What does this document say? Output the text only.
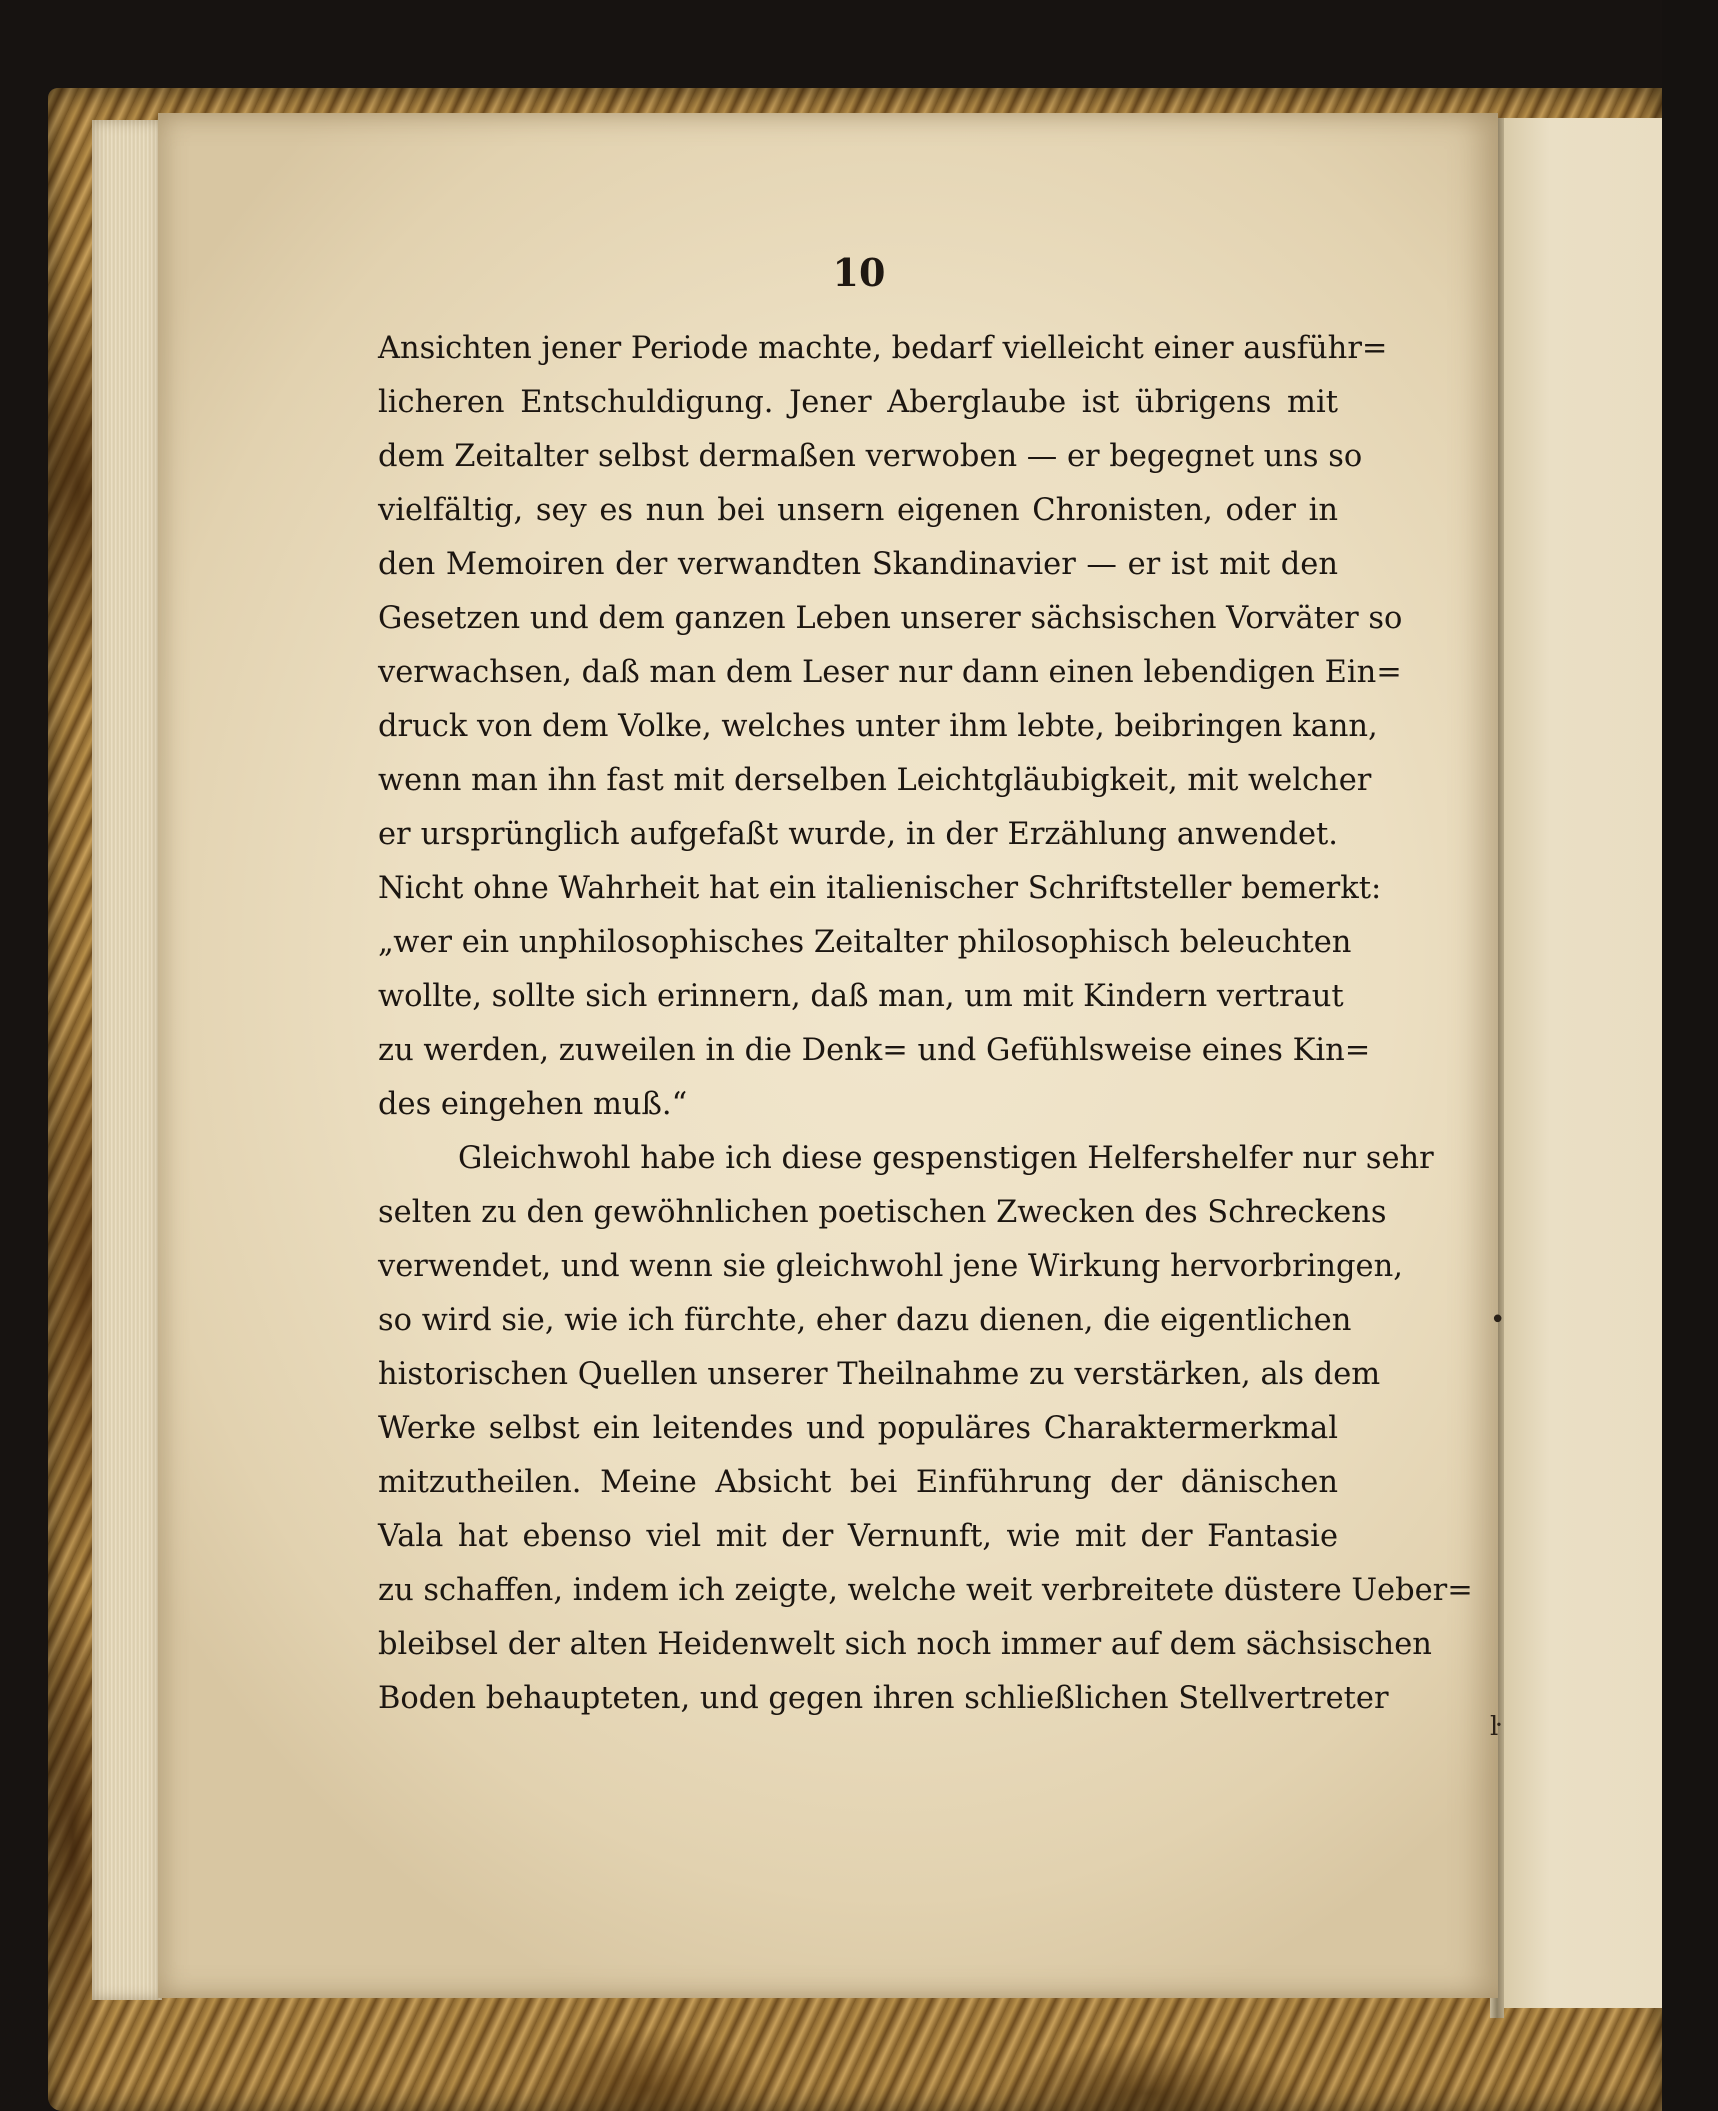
10
Ansichten jener Periode machte, bedarf vielleicht einer ausführ=
licheren Entschuldigung. Jener Aberglaube ist übrigens mit
dem Zeitalter selbst dermaßen verwoben — er begegnet uns so
vielfältig, sey es nun bei unsern eigenen Chronisten, oder in
den Memoiren der verwandten Skandinavier — er ist mit den
Gesetzen und dem ganzen Leben unserer sächsischen Vorväter so
verwachsen, daß man dem Leser nur dann einen lebendigen Ein=
druck von dem Volke, welches unter ihm lebte, beibringen kann,
wenn man ihn fast mit derselben Leichtgläubigkeit, mit welcher
er ursprünglich aufgefaßt wurde, in der Erzählung anwendet.
Nicht ohne Wahrheit hat ein italienischer Schriftsteller bemerkt:
„wer ein unphilosophisches Zeitalter philosophisch beleuchten
wollte, sollte sich erinnern, daß man, um mit Kindern vertraut
zu werden, zuweilen in die Denk= und Gefühlsweise eines Kin=
des eingehen muß.“
Gleichwohl habe ich diese gespenstigen Helfershelfer nur sehr
selten zu den gewöhnlichen poetischen Zwecken des Schreckens
verwendet, und wenn sie gleichwohl jene Wirkung hervorbringen,
so wird sie, wie ich fürchte, eher dazu dienen, die eigentlichen
historischen Quellen unserer Theilnahme zu verstärken, als dem
Werke selbst ein leitendes und populäres Charaktermerkmal
mitzutheilen. Meine Absicht bei Einführung der dänischen
Vala hat ebenso viel mit der Vernunft, wie mit der Fantasie
zu schaffen, indem ich zeigte, welche weit verbreitete düstere Ueber=
bleibsel der alten Heidenwelt sich noch immer auf dem sächsischen
Boden behaupteten, und gegen ihren schließlichen Stellvertreter
•
ŀ
